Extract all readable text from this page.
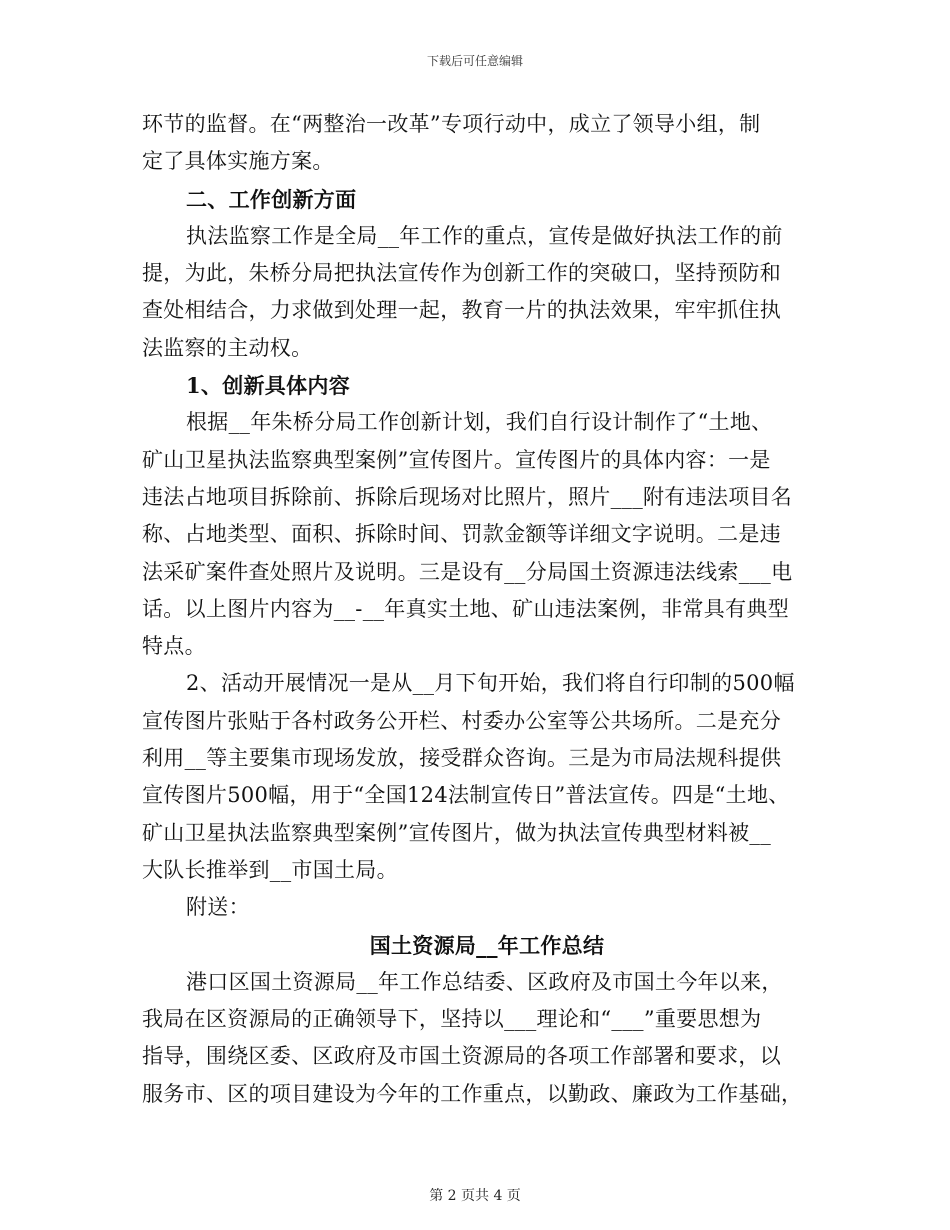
下载后可任意编辑
环节的监督。在“两整治一改革”专项行动中，成立了领导小组，制
定了具体实施方案。
二、工作创新方面
执法监察工作是全局__年工作的重点，宣传是做好执法工作的前
提，为此，朱桥分局把执法宣传作为创新工作的突破口，坚持预防和
查处相结合，力求做到处理一起，教育一片的执法效果，牢牢抓住执
法监察的主动权。
1、创新具体内容
根据__年朱桥分局工作创新计划，我们自行设计制作了“土地、
矿山卫星执法监察典型案例”宣传图片。宣传图片的具体内容：一是
违法占地项目拆除前、拆除后现场对比照片，照片___附有违法项目名
称、占地类型、面积、拆除时间、罚款金额等详细文字说明。二是违
法采矿案件查处照片及说明。三是设有__分局国土资源违法线索___电
话。以上图片内容为__-__年真实土地、矿山违法案例，非常具有典型
特点。
2、活动开展情况一是从__月下旬开始，我们将自行印制的500幅
宣传图片张贴于各村政务公开栏、村委办公室等公共场所。二是充分
利用__等主要集市现场发放，接受群众咨询。三是为市局法规科提供
宣传图片500幅，用于“全国124法制宣传日”普法宣传。四是“土地、
矿山卫星执法监察典型案例”宣传图片，做为执法宣传典型材料被__
大队长推举到__市国土局。
附送：
国土资源局__年工作总结
港口区国土资源局__年工作总结委、区政府及市国土今年以来，
我局在区资源局的正确领导下，坚持以___理论和“___”重要思想为
指导，围绕区委、区政府及市国土资源局的各项工作部署和要求，以
服务市、区的项目建设为今年的工作重点，以勤政、廉政为工作基础，
第 2 页共 4 页
